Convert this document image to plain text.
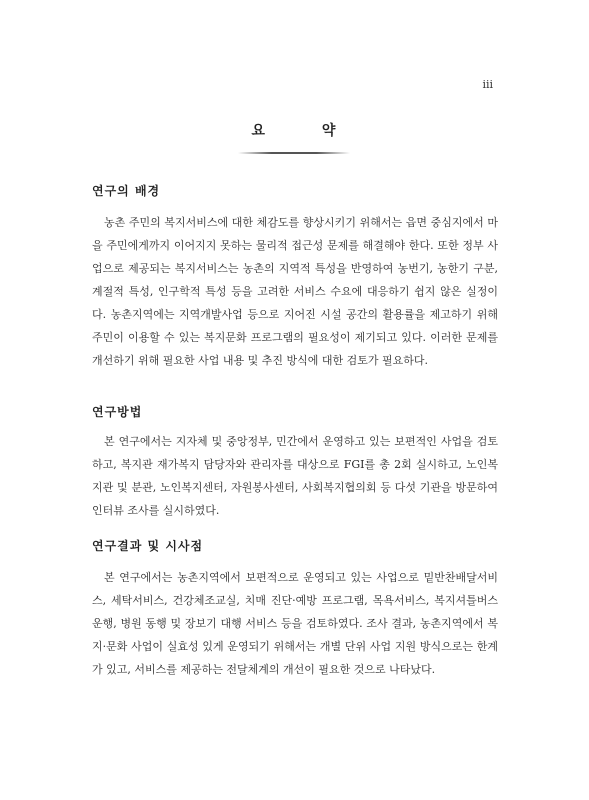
iii
요 약
연구의 배경

농촌 주민의 복지서비스에 대한 체감도를 향상시키기 위해서는 읍면 중심지에서 마을 주민에게까지 이어지지 못하는 물리적 접근성 문제를 해결해야 한다. 또한 정부 사업으로 제공되는 복지서비스는 농촌의 지역적 특성을 반영하여 농번기, 농한기 구분, 계절적 특성, 인구학적 특성 등을 고려한 서비스 수요에 대응하기 쉽지 않은 실정이다. 농촌지역에는 지역개발사업 등으로 지어진 시설 공간의 활용률을 제고하기 위해 주민이 이용할 수 있는 복지문화 프로그램의 필요성이 제기되고 있다. 이러한 문제를 개선하기 위해 필요한 사업 내용 및 추진 방식에 대한 검토가 필요하다.

연구방법

본 연구에서는 지자체 및 중앙정부, 민간에서 운영하고 있는 보편적인 사업을 검토하고, 복지관 재가복지 담당자와 관리자를 대상으로 FGI를 총 2회 실시하고, 노인복지관 및 분관, 노인복지센터, 자원봉사센터, 사회복지협의회 등 다섯 기관을 방문하여 인터뷰 조사를 실시하였다.

연구결과 및 시사점

본 연구에서는 농촌지역에서 보편적으로 운영되고 있는 사업으로 밑반찬배달서비스, 세탁서비스, 건강체조교실, 치매 진단·예방 프로그램, 목욕서비스, 복지셔틀버스 운행, 병원 동행 및 장보기 대행 서비스 등을 검토하였다. 조사 결과, 농촌지역에서 복지·문화 사업이 실효성 있게 운영되기 위해서는 개별 단위 사업 지원 방식으로는 한계가 있고, 서비스를 제공하는 전달체계의 개선이 필요한 것으로 나타났다.
